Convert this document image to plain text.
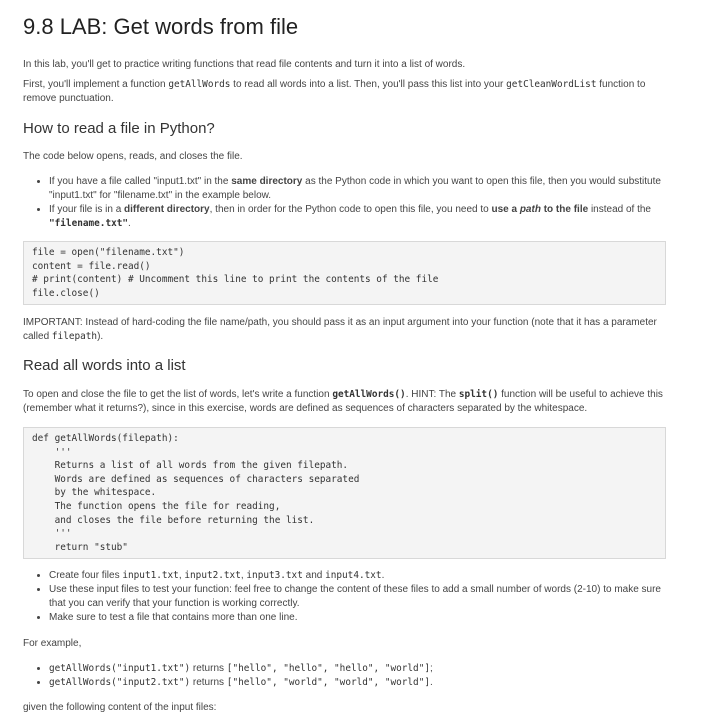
9.8 LAB: Get words from file

In this lab, you'll get to practice writing functions that read file contents and turn it into a list of words.

First, you'll implement a function getAllWords to read all words into a list. Then, you'll pass this list into your getCleanWordList function to remove punctuation.

How to read a file in Python?

The code below opens, reads, and closes the file.

• If you have a file called "input1.txt" in the same directory as the Python code in which you want to open this file, then you would substitute "input1.txt" for "filename.txt" in the example below.
• If your file is in a different directory, then in order for the Python code to open this file, you need to use a path to the file instead of the "filename.txt".
file = open("filename.txt")
content = file.read()
# print(content) # Uncomment this line to print the contents of the file
file.close()

IMPORTANT: Instead of hard-coding the file name/path, you should pass it as an input argument into your function (note that it has a parameter called filepath).

Read all words into a list

To open and close the file to get the list of words, let's write a function getAllWords(). HINT: The split() function will be useful to achieve this (remember what it returns?), since in this exercise, words are defined as sequences of characters separated by the whitespace.

def getAllWords(filepath):
'''
Returns a list of all words from the given filepath.
Words are defined as sequences of characters separated
by the whitespace.
The function opens the file for reading,
and closes the file before returning the list.
'''
return "stub"
• Create four files input1.txt, input2.txt, input3.txt and input4.txt.
• Use these input files to test your function: feel free to change the content of these files to add a small number of words (2-10) to make sure that you can verify that your function is working correctly.
• Make sure to test a file that contains more than one line.

For example,

• getAllWords("input1.txt") returns ["hello", "hello", "hello", "world"];
• getAllWords("input2.txt") returns ["hello", "world", "world", "world"].

given the following content of the input files:
